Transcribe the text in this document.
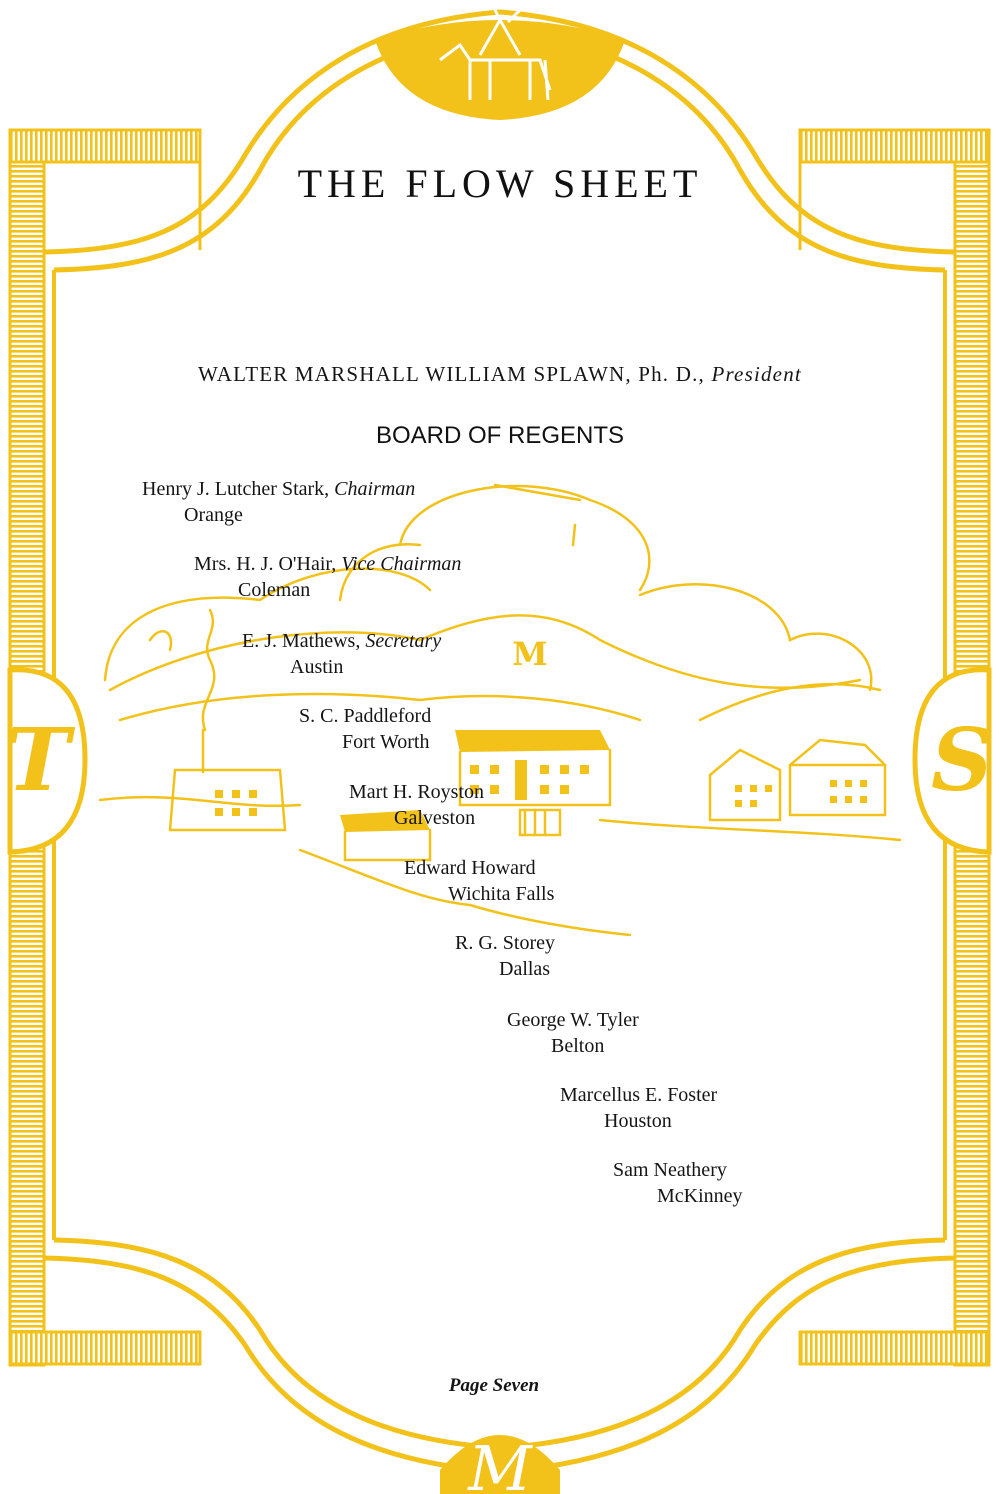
T	S
M
M
THE FLOW SHEET
WALTER MARSHALL WILLIAM SPLAWN, Ph. D., President
BOARD OF REGENTS
Henry J. Lutcher Stark, Chairman
Orange
Mrs. H. J. O'Hair, Vice Chairman
Coleman
E. J. Mathews, Secretary
Austin
S. C. Paddleford
Fort Worth
Mart H. Royston
Galveston
Edward Howard
Wichita Falls
R. G. Storey
Dallas
George W. Tyler
Belton
Marcellus E. Foster
Houston
Sam Neathery
McKinney
Page Seven
